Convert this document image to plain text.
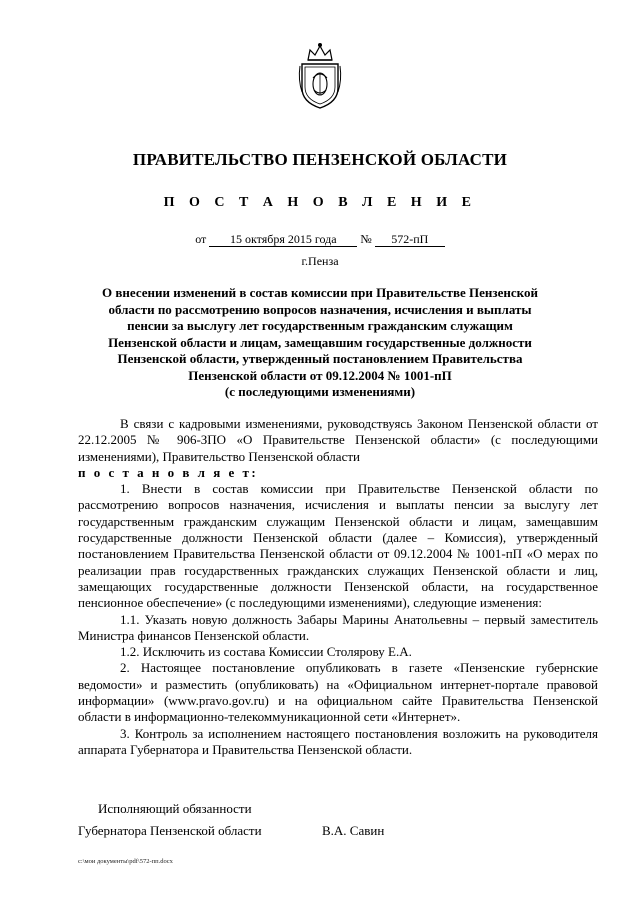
ПРАВИТЕЛЬСТВО ПЕНЗЕНСКОЙ ОБЛАСТИ
П О С Т А Н О В Л Е Н И Е
от 15 октября 2015 года № 572-пП
г.Пенза
О внесении изменений в состав комиссии при Правительстве Пензенской
области по рассмотрению вопросов назначения, исчисления и выплаты
пенсии за выслугу лет государственным гражданским служащим
Пензенской области и лицам, замещавшим государственные должности
Пензенской области, утвержденный постановлением Правительства
Пензенской области от 09.12.2004 № 1001-пП
(с последующими изменениями)

В связи с кадровыми изменениями, руководствуясь Законом Пензенской области от 22.12.2005 № 906-ЗПО «О Правительстве Пензенской области» (с последующими изменениями), Правительство Пензенской области

п о с т а н о в л я е т:

1. Внести в состав комиссии при Правительстве Пензенской области по рассмотрению вопросов назначения, исчисления и выплаты пенсии за выслугу лет государственным гражданским служащим Пензенской области и лицам, замещавшим государственные должности Пензенской области (далее – Комиссия), утвержденный постановлением Правительства Пензенской области от 09.12.2004 № 1001-пП «О мерах по реализации прав государственных гражданских служащих Пензенской области и лиц, замещающих государственные должности Пензенской области, на государственное пенсионное обеспечение» (с последующими изменениями), следующие изменения:

1.1. Указать новую должность Забары Марины Анатольевны – первый заместитель Министра финансов Пензенской области.

1.2. Исключить из состава Комиссии Столярову Е.А.

2. Настоящее постановление опубликовать в газете «Пензенские губернские ведомости» и разместить (опубликовать) на «Официальном интернет-портале правовой информации» (www.pravo.gov.ru) и на официальном сайте Правительства Пензенской области в информационно-телекоммуникационной сети «Интернет».

3. Контроль за исполнением настоящего постановления возложить на руководителя аппарата Губернатора и Правительства Пензенской области.

Исполняющий обязанности
Губернатора Пензенской области	В.А. Савин
c:\мои документы\pdf\572-пп.docx
